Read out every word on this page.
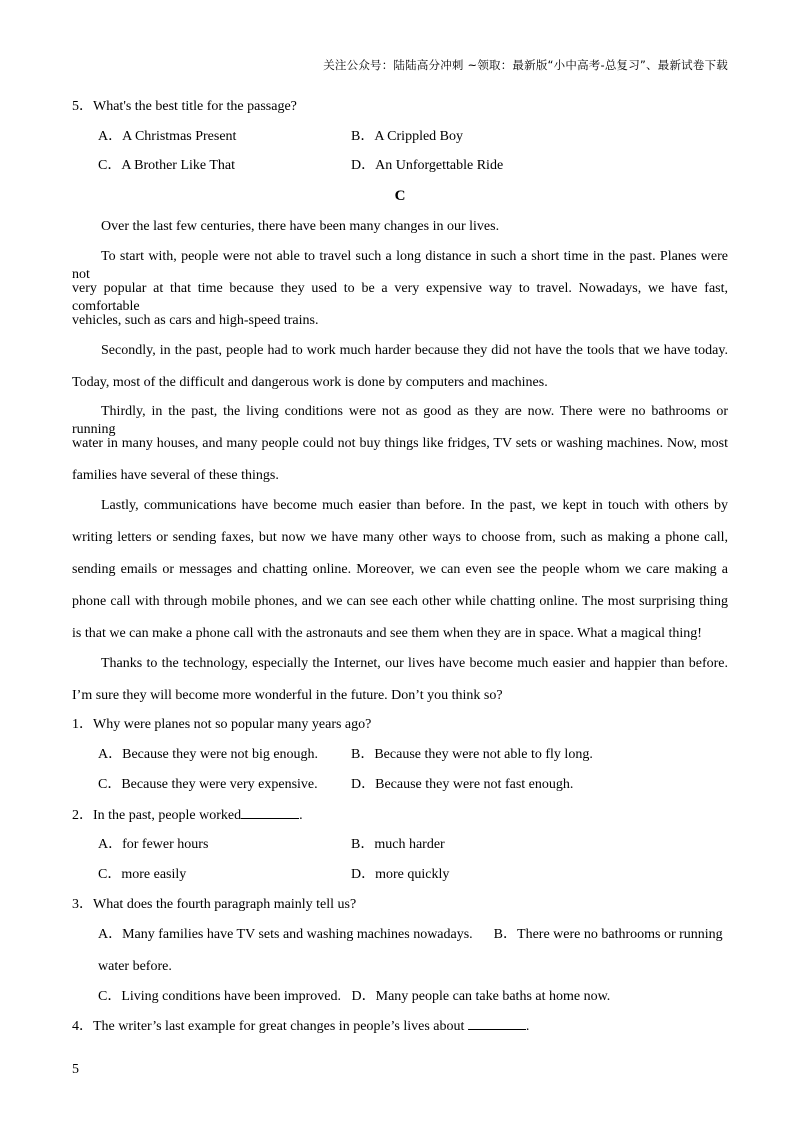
关注公众号：陆陆高分冲刺 ~领取：最新版“小中高考-总复习”、最新试卷下载
5．What's the best title for the passage?
A．A Christmas Present	B．A Crippled Boy
C．A Brother Like That	D．An Unforgettable Ride
C
Over the last few centuries, there have been many changes in our lives.
To start with, people were not able to travel such a long distance in such a short time in the past. Planes were not
very popular at that time because they used to be a very expensive way to travel. Nowadays, we have fast, comfortable
vehicles, such as cars and high-speed trains.
Secondly, in the past, people had to work much harder because they did not have the tools that we have today.
Today, most of the difficult and dangerous work is done by computers and machines.
Thirdly, in the past, the living conditions were not as good as they are now. There were no bathrooms or running
water in many houses, and many people could not buy things like fridges, TV sets or washing machines. Now, most
families have several of these things.
Lastly, communications have become much easier than before. In the past, we kept in touch with others by
writing letters or sending faxes, but now we have many other ways to choose from, such as making a phone call,
sending emails or messages and chatting online. Moreover, we can even see the people whom we care making a
phone call with through mobile phones, and we can see each other while chatting online. The most surprising thing
is that we can make a phone call with the astronauts and see them when they are in space. What a magical thing!
Thanks to the technology, especially the Internet, our lives have become much easier and happier than before.
I’m sure they will become more wonderful in the future. Don’t you think so?
1．Why were planes not so popular many years ago?
A．Because they were not big enough. B．Because they were not able to fly long.
C．Because they were very expensive. D．Because they were not fast enough.
2．In the past, people worked	.
A．for fewer hours	B．much harder
C．more easily	D．more quickly
3．What does the fourth paragraph mainly tell us?
A．Many families have TV sets and washing machines nowadays.      B．There were no bathrooms or running
water before.
C．Living conditions have been improved.   D．Many people can take baths at home now.
4．The writer’s last example for great changes in people’s lives about	.
5
